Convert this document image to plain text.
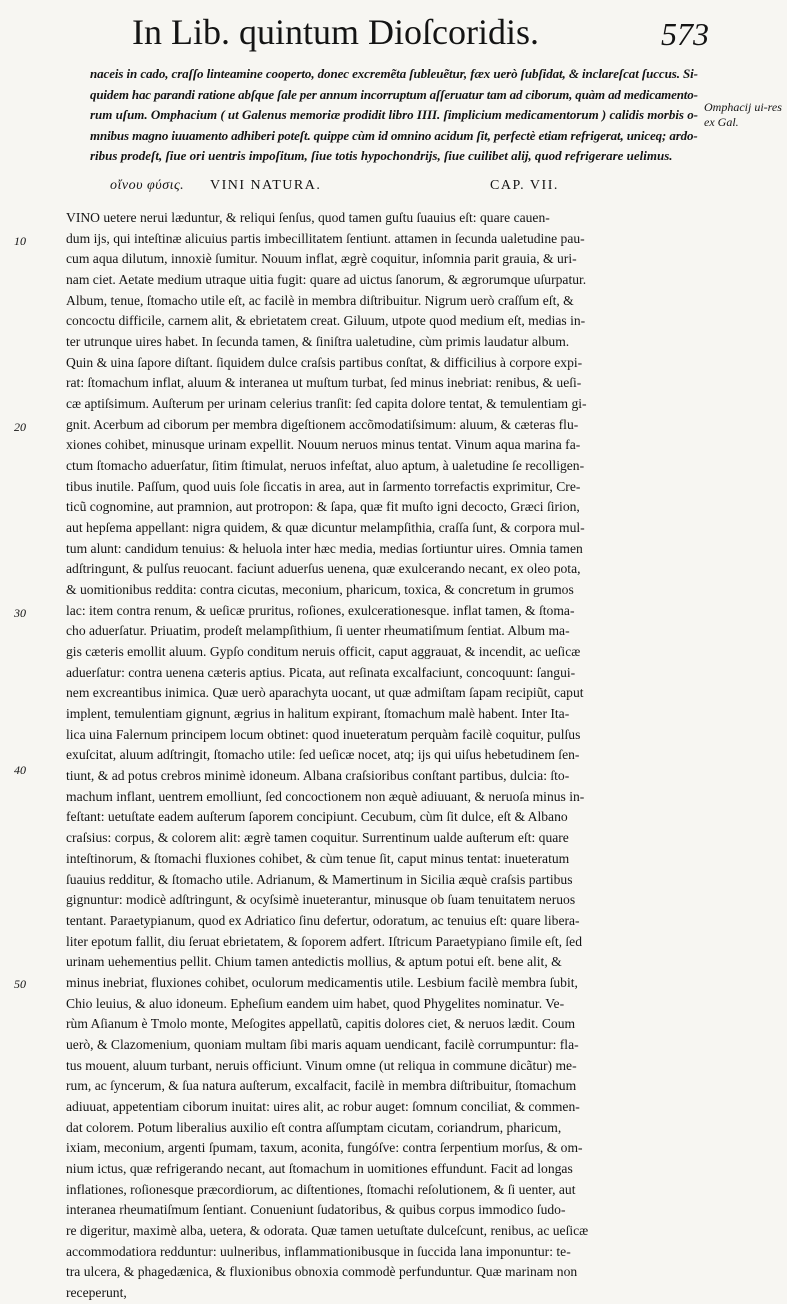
In Lib. quintum Dioſcoridis.	573
naceis in cado, craſſo linteamine cooperto, donec excremẽta ſubleuẽtur, fæx uerò ſubſidat, & inclareſcat ſuccus. Si-
quidem hac parandi ratione abſque ſale per annum incorruptum aſſeruatur tam ad ciborum, quàm ad medicamento-
rum uſum. Omphacium ( ut Galenus memoriæ prodidit libro IIII. ſimplicium medicamentorum ) calidis morbis o-
mnibus magno iuuamento adhiberi poteſt. quippe cùm id omnino acidum ſit, perfectè etiam refrigerat, uniceq; ardo-
ribus prodeſt, ſiue ori uentris impoſitum, ſiue totis hypochondrijs, ſiue cuilibet alij, quod refrigerare uelimus.
Omphacij ui-res ex Gal.
οἴνου φύσις. VINI NATURA.	CAP. VII.
VINO uetere nerui læduntur, & reliqui ſenſus, quod tamen guſtu ſuauius eſt: quare cauen-
dum ijs, qui inteſtinæ alicuius partis imbecillitatem ſentiunt. attamen in ſecunda ualetudine pau-
cum aqua dilutum, innoxiè ſumitur. Nouum inflat, ægrè coquitur, inſomnia parit grauia, & uri-
nam ciet. Aetate medium utraque uitia fugit: quare ad uictus ſanorum, & ægrorumque uſurpatur.
Album, tenue, ſtomacho utile eſt, ac facilè in membra diſtribuitur. Nigrum uerò craſſum eſt, &
concoctu difficile, carnem alit, & ebrietatem creat. Giluum, utpote quod medium eſt, medias in-
ter utrunque uires habet. In ſecunda tamen, & ſiniſtra ualetudine, cùm primis laudatur album.
Quin & uina ſapore diſtant. ſiquidem dulce craſsis partibus conſtat, & difficilius à corpore expi-
rat: ſtomachum inflat, aluum & interanea ut muſtum turbat, ſed minus inebriat: renibus, & ueſi-
cæ aptiſsimum. Auſterum per urinam celerius tranſit: ſed capita dolore tentat, & temulentiam gi-
gnit. Acerbum ad ciborum per membra digeſtionem accõmodatiſsimum: aluum, & cæteras flu-
xiones cohibet, minusque urinam expellit. Nouum neruos minus tentat. Vinum aqua marina fa-
ctum ſtomacho aduerſatur, ſitim ſtimulat, neruos infeſtat, aluo aptum, à ualetudine ſe recolligen-
tibus inutile. Paſſum, quod uuis ſole ſiccatis in area, aut in ſarmento torrefactis exprimitur, Cre-
ticũ cognomine, aut pramnion, aut protropon: & ſapa, quæ fit muſto igni decocto, Græci ſirion,
aut hepſema appellant: nigra quidem, & quæ dicuntur melampſithia, craſſa ſunt, & corpora mul-
tum alunt: candidum tenuius: & heluola inter hæc media, medias ſortiuntur uires. Omnia tamen
adſtringunt, & pulſus reuocant. faciunt aduerſus uenena, quæ exulcerando necant, ex oleo pota,
& uomitionibus reddita: contra cicutas, meconium, pharicum, toxica, & concretum in grumos
lac: item contra renum, & ueſicæ pruritus, roſiones, exulcerationesque. inflat tamen, & ſtoma-
cho aduerſatur. Priuatim, prodeſt melampſithium, ſi uenter rheumatiſmum ſentiat. Album ma-
gis cæteris emollit aluum. Gypſo conditum neruis officit, caput aggrauat, & incendit, ac ueſicæ
aduerſatur: contra uenena cæteris aptius. Picata, aut reſinata excalfaciunt, concoquunt: ſangui-
nem excreantibus inimica. Quæ uerò aparachyta uocant, ut quæ admiſtam ſapam recipiũt, caput
implent, temulentiam gignunt, ægrius in halitum expirant, ſtomachum malè habent. Inter Ita-
lica uina Falernum principem locum obtinet: quod inueteratum perquàm facilè coquitur, pulſus
exuſcitat, aluum adſtringit, ſtomacho utile: ſed ueſicæ nocet, atq; ijs qui uiſus hebetudinem ſen-
tiunt, & ad potus crebros minimè idoneum. Albana craſsioribus conſtant partibus, dulcia: ſto-
machum inflant, uentrem emolliunt, ſed concoctionem non æquè adiuuant, & neruoſa minus in-
feſtant: uetuſtate eadem auſterum ſaporem concipiunt. Cecubum, cùm ſit dulce, eſt & Albano
craſsius: corpus, & colorem alit: ægrè tamen coquitur. Surrentinum ualde auſterum eſt: quare
inteſtinorum, & ſtomachi fluxiones cohibet, & cùm tenue ſit, caput minus tentat: inueteratum
ſuauius redditur, & ſtomacho utile. Adrianum, & Mamertinum in Sicilia æquè craſsis partibus
gignuntur: modicè adſtringunt, & ocyſsimè inueterantur, minusque ob ſuam tenuitatem neruos
tentant. Paraetypianum, quod ex Adriatico ſinu defertur, odoratum, ac tenuius eſt: quare libera-
liter epotum fallit, diu ſeruat ebrietatem, & ſoporem adfert. Iſtricum Paraetypiano ſimile eſt, ſed
urinam uehementius pellit. Chium tamen antedictis mollius, & aptum potui eſt. bene alit, &
minus inebriat, fluxiones cohibet, oculorum medicamentis utile. Lesbium facilè membra ſubit,
Chio leuius, & aluo idoneum. Epheſium eandem uim habet, quod Phygelites nominatur. Ve-
rùm Aſianum è Tmolo monte, Meſogites appellatũ, capitis dolores ciet, & neruos lædit. Coum
uerò, & Clazomenium, quoniam multam ſibi maris aquam uendicant, facilè corrumpuntur: fla-
tus mouent, aluum turbant, neruis officiunt. Vinum omne (ut reliqua in commune dicãtur) me-
rum, ac ſyncerum, & ſua natura auſterum, excalfacit, facilè in membra diſtribuitur, ſtomachum
adiuuat, appetentiam ciborum inuitat: uires alit, ac robur auget: ſomnum conciliat, & commen-
dat colorem. Potum liberalius auxilio eſt contra aſſumptam cicutam, coriandrum, pharicum,
ixiam, meconium, argenti ſpumam, taxum, aconita, fungóſve: contra ſerpentium morſus, & om-
nium ictus, quæ refrigerando necant, aut ſtomachum in uomitiones effundunt. Facit ad longas
inflationes, roſionesque præcordiorum, ac diſtentiones, ſtomachi reſolutionem, & ſi uenter, aut
interanea rheumatiſmum ſentiant. Conueniunt ſudatoribus, & quibus corpus immodico ſudo-
re digeritur, maximè alba, uetera, & odorata. Quæ tamen uetuſtate dulceſcunt, renibus, ac ueſicæ
accommodatiora redduntur: uulneribus, inflammationibusque in ſuccida lana imponuntur: te-
tra ulcera, & phagedænica, & fluxionibus obnoxia commodè perfunduntur. Quæ marinam non
receperunt,
10
20
30
40
50
